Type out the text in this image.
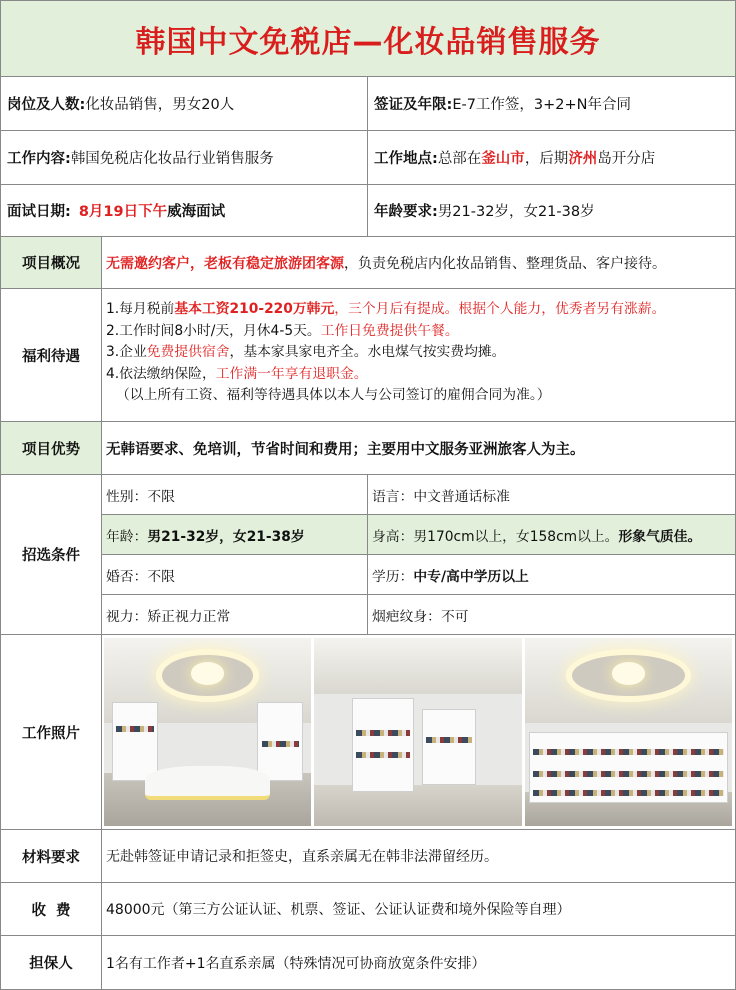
韩国中文免税店—化妆品销售服务
岗位及人数: 化妆品销售，男女20人	签证及年限: E-7工作签，3+2+N年合同
工作内容: 韩国免税店化妆品行业销售服务	工作地点: 总部在 釜山市 ，后期 济州 岛开分店
面试日期: 8月19日下午 威海面试	年龄要求: 男21-32岁，女21-38岁
项目概况	无需邀约客户，老板有稳定旅游团客源 ，负责免税店内化妆品销售、整理货品、客户接待。
福利待遇
1.每月税前基本工资210-220万韩元，三个月后有提成。根据个人能力，优秀者另有涨薪。
2.工作时间8小时/天，月休4-5天。工作日免费提供午餐。
3.企业免费提供宿舍，基本家具家电齐全。水电煤气按实费均摊。
4.依法缴纳保险，工作满一年享有退职金。
（以上所有工资、福利等待遇具体以本人与公司签订的雇佣合同为准。）
项目优势	无韩语要求、免培训，节省时间和费用；主要用中文服务亚洲旅客人为主。
招选条件
性别：不限	语言：中文普通话标准
年龄： 男21-32岁，女21-38岁	身高：男170cm以上，女158cm以上。 形象气质佳。
婚否：不限	学历： 中专/高中学历以上
视力：矫正视力正常	烟疤纹身：不可
工作照片
材料要求	无赴韩签证申请记录和拒签史，直系亲属无在韩非法滞留经历。
收  费	48000元（第三方公证认证、机票、签证、公证认证费和境外保险等自理）
担保人	1名有工作者+1名直系亲属（特殊情况可协商放宽条件安排）
